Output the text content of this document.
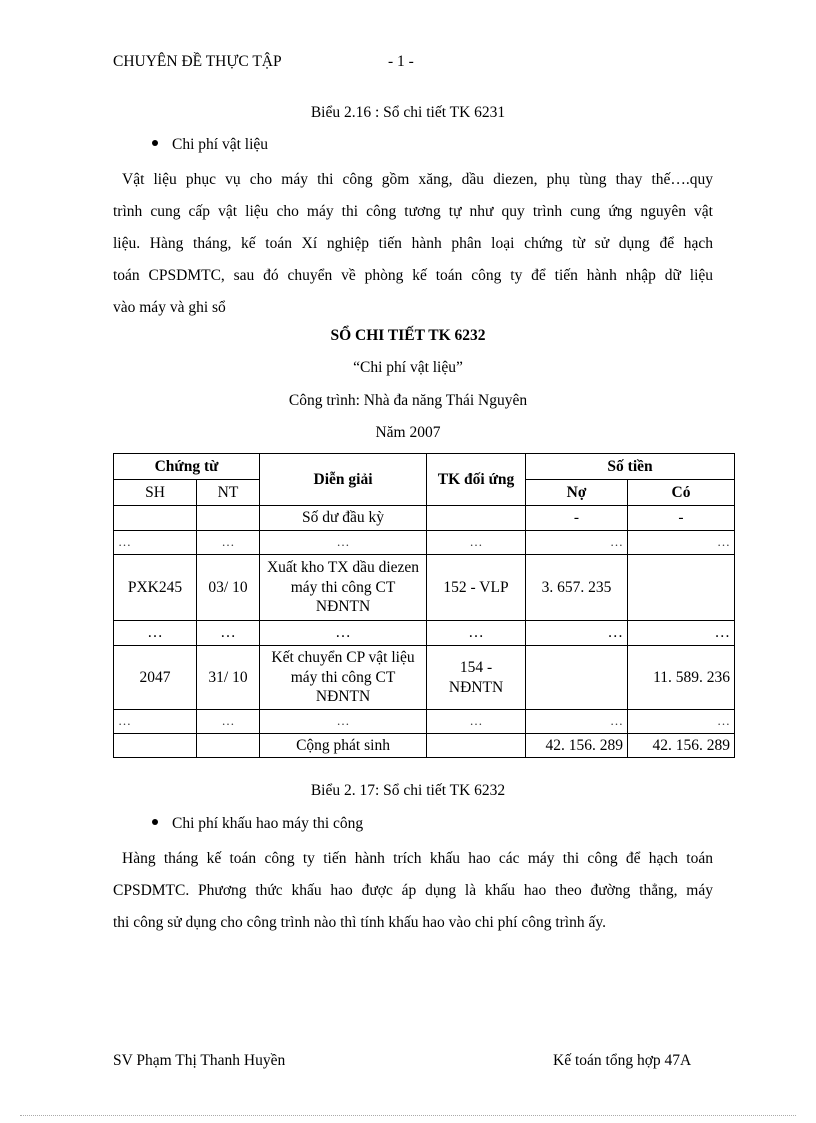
CHUYÊN ĐỀ THỰC TẬP	- 1 -
Biểu 2.16 : Sổ chi tiết TK 6231
Chi phí vật liệu
Vật liệu phục vụ cho máy thi công gồm xăng, dầu diezen, phụ tùng thay thế….quy
trình cung cấp vật liệu cho máy thi công tương tự như quy trình cung ứng nguyên vật
liệu. Hàng tháng, kế toán Xí nghiệp tiến hành phân loại chứng từ sử dụng để hạch
toán CPSDMTC, sau đó chuyển về phòng kế toán công ty để tiến hành nhập dữ liệu
vào máy và ghi sổ
SỔ CHI TIẾT TK 6232
“Chi phí vật liệu”
Công trình: Nhà đa năng Thái Nguyên
Năm 2007
Chứng từ		Diễn giải	TK đối ứng	Số tiền	
SH	NT			Nợ	Có
		Số dư đầu kỳ		-	-
…	…	…	…	…	…
PXK245	03/ 10	Xuất kho TX dầu diezen máy thi công CT NĐNTN	152 - VLP	3. 657. 235	
…	…	…	…	…	…
2047	31/ 10	Kết chuyển CP vật liệu máy thi công CT NĐNTN	154 - NĐNTN		11. 589. 236
…	…	…	…	…	…
		Cộng phát sinh		42. 156. 289	42. 156. 289
Biểu 2. 17: Sổ chi tiết TK 6232
Chi phí khấu hao máy thi công
Hàng tháng kế toán công ty tiến hành trích khấu hao các máy thi công để hạch toán
CPSDMTC. Phương thức khấu hao được áp dụng là khấu hao theo đường thẳng, máy
thi công sử dụng cho công trình nào thì tính khấu hao vào chi phí công trình ấy.
SV Phạm Thị Thanh Huyền	Kế toán tổng hợp 47A
